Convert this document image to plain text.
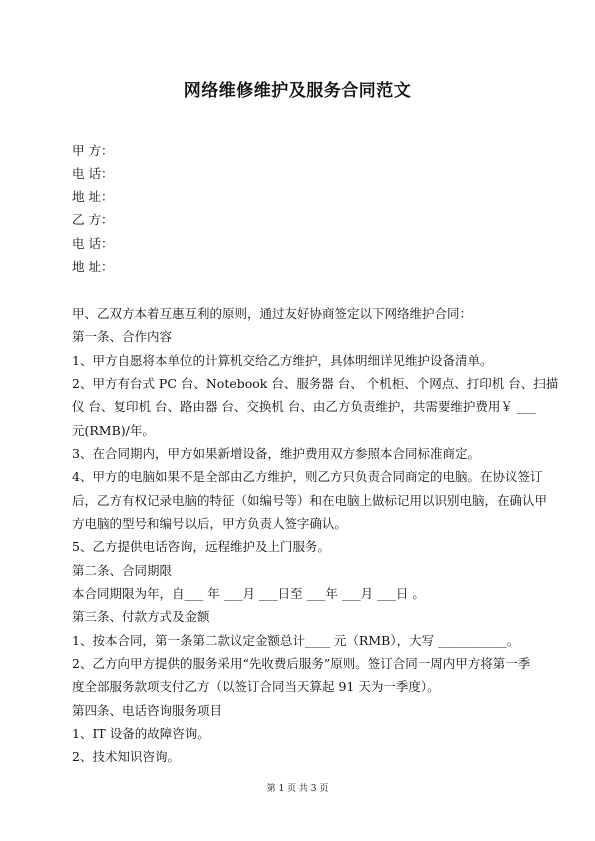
网络维修维护及服务合同范文
甲 方：
电 话：
地 址：
乙 方：
电 话：
地 址：
甲、乙双方本着互惠互利的原则，通过友好协商签定以下网络维护合同：
第一条、合作内容
1、甲方自愿将本单位的计算机交给乙方维护，具体明细详见维护设备清单。
2、甲方有台式 PC 台、Notebook 台、服务器 台、 个机柜、个网点、打印机 台、扫描
仪 台、复印机 台、路由器 台、交换机 台、由乙方负责维护，共需要维护费用￥ ___
元(RMB)/年。
3、在合同期内，甲方如果新增设备，维护费用双方参照本合同标准商定。
4、甲方的电脑如果不是全部由乙方维护，则乙方只负责合同商定的电脑。在协议签订
后，乙方有权记录电脑的特征（如编号等）和在电脑上做标记用以识别电脑，在确认甲
方电脑的型号和编号以后，甲方负责人签字确认。
5、乙方提供电话咨询，远程维护及上门服务。
第二条、合同期限
本合同期限为年，自___ 年 ___月 ___日至 ___年 ___月 ___日 。
第三条、付款方式及金额
1、按本合同，第一条第二款议定金额总计____ 元（RMB），大写 ___________。
2、乙方向甲方提供的服务采用“先收费后服务”原则。签订合同一周内甲方将第一季
度全部服务款项支付乙方（以签订合同当天算起 91 天为一季度）。
第四条、电话咨询服务项目
1、IT 设备的故障咨询。
2、技术知识咨询。
第 1 页 共 3 页
